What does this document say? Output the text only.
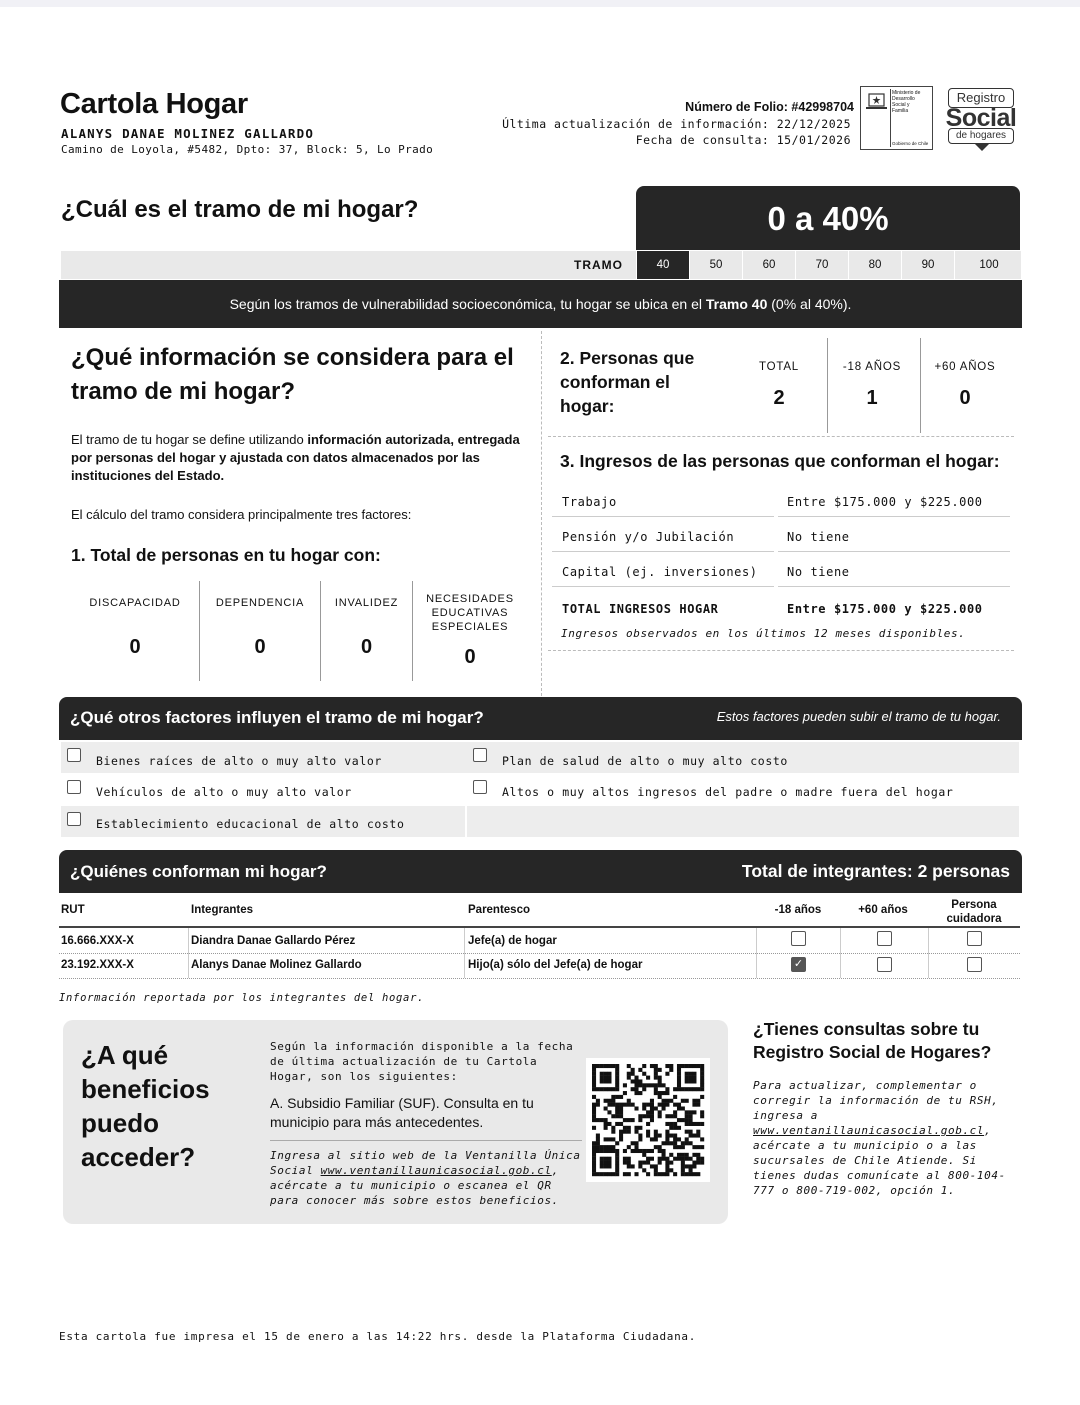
Cartola Hogar
ALANYS DANAE MOLINEZ GALLARDO
Camino de Loyola, #5482, Dpto: 37, Block: 5, Lo Prado
Número de Folio: #42998704
Última actualización de información: 22/12/2025
Fecha de consulta: 15/01/2026
Ministerio de
Desarrollo
Social y
Familia
Gobierno de Chile
Registro
Social
de hogares
¿Cuál es el tramo de mi hogar?	0 a 40%
TRAMO	40	50	60	70	80	90	100
Según los tramos de vulnerabilidad socioeconómica, tu hogar se ubica en el Tramo 40 (0% al 40%).
¿Qué información se considera para el tramo de mi hogar?
El tramo de tu hogar se define utilizando información autorizada, entregada por personas del hogar y ajustada con datos almacenados por las instituciones del Estado.
El cálculo del tramo considera principalmente tres factores:
1. Total de personas en tu hogar con:
DISCAPACIDAD
0
DEPENDENCIA
0
INVALIDEZ
0
NECESIDADES EDUCATIVAS ESPECIALES
0
2. Personas que conforman el hogar:
TOTAL
2
-18 AÑOS
1
+60 AÑOS
0
3. Ingresos de las personas que conforman el hogar:
Trabajo	Entre $175.000 y $225.000
Pensión y/o Jubilación	No tiene
Capital (ej. inversiones)	No tiene
TOTAL INGRESOS HOGAR	Entre $175.000 y $225.000
Ingresos observados en los últimos 12 meses disponibles.
¿Qué otros factores influyen el tramo de mi hogar?	Estos factores pueden subir el tramo de tu hogar.
Bienes raíces de alto o muy alto valor	Plan de salud de alto o muy alto costo
Vehículos de alto o muy alto valor	Altos o muy altos ingresos del padre o madre fuera del hogar
Establecimiento educacional de alto costo
¿Quiénes conforman mi hogar?	Total de integrantes: 2 personas
RUT	Integrantes	Parentesco	-18 años	+60 años	Persona cuidadora
16.666.XXX-X	Diandra Danae Gallardo Pérez	Jefe(a) de hogar
23.192.XXX-X	Alanys Danae Molinez Gallardo	Hijo(a) sólo del Jefe(a) de hogar	✓
Información reportada por los integrantes del hogar.
¿A qué beneficios puedo acceder?
Según la información disponible a la fecha de última actualización de tu Cartola Hogar, son los siguientes:
A. Subsidio Familiar (SUF). Consulta en tu municipio para más antecedentes.
Ingresa al sitio web de la Ventanilla Única Social www.ventanillaunicasocial.gob.cl, acércate a tu municipio o escanea el QR para conocer más sobre estos beneficios.
¿Tienes consultas sobre tu Registro Social de Hogares?
Para actualizar, complementar o corregir la información de tu RSH, ingresa a www.ventanillaunicasocial.gob.cl, acércate a tu municipio o a las sucursales de Chile Atiende. Si tienes dudas comunícate al 800-104-777 o 800-719-002, opción 1.
Esta cartola fue impresa el 15 de enero a las 14:22 hrs. desde la Plataforma Ciudadana.
